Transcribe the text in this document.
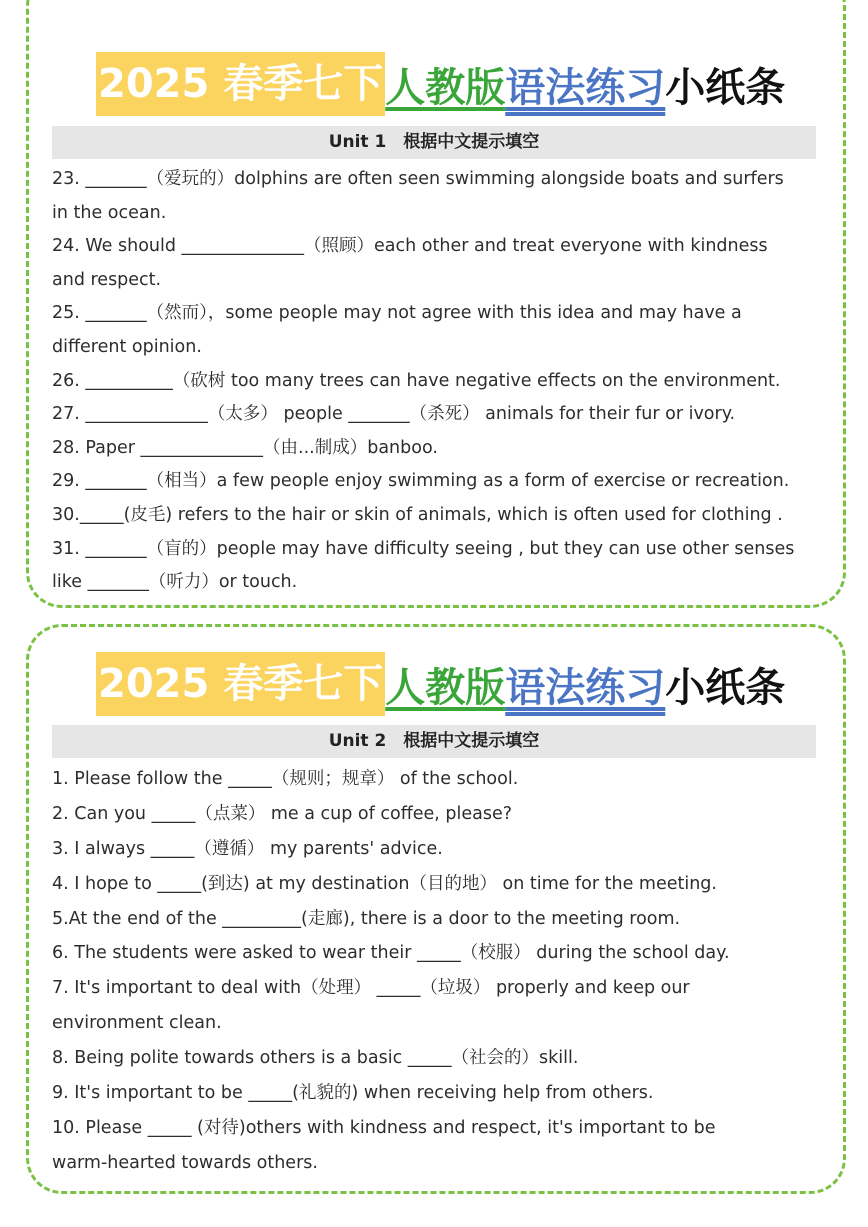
2025 春季七下 人教版 语法练习 小纸条
Unit 1　根据中文提示填空
23. _______（爱玩的）dolphins are often seen swimming alongside boats and surfers
in the ocean.
24. We should ______________（照顾）each other and treat everyone with kindness
and respect.
25. _______（然而），some people may not agree with this idea and may have a
different opinion.
26. __________（砍树 too many trees can have negative effects on the environment.
27. ______________（太多） people _______（杀死） animals for their fur or ivory.
28. Paper ______________（由...制成）banboo.
29. _______（相当）a few people enjoy swimming as a form of exercise or recreation.
30._____(皮毛) refers to the hair or skin of animals, which is often used for clothing .
31. _______（盲的）people may have difficulty seeing , but they can use other senses
like _______（听力）or touch.
2025 春季七下 人教版 语法练习 小纸条
Unit 2　根据中文提示填空
1. Please follow the _____（规则；规章） of the school.
2. Can you _____（点菜） me a cup of coffee, please?
3. I always _____（遵循） my parents' advice.
4. I hope to _____(到达) at my destination（目的地） on time for the meeting.
5.At the end of the _________(走廊), there is a door to the meeting room.
6. The students were asked to wear their _____（校服） during the school day.
7. It's important to deal with（处理） _____（垃圾） properly and keep our
environment clean.
8. Being polite towards others is a basic _____（社会的）skill.
9. It's important to be _____(礼貌的) when receiving help from others.
10. Please _____ (对待)others with kindness and respect, it's important to be
warm-hearted towards others.
